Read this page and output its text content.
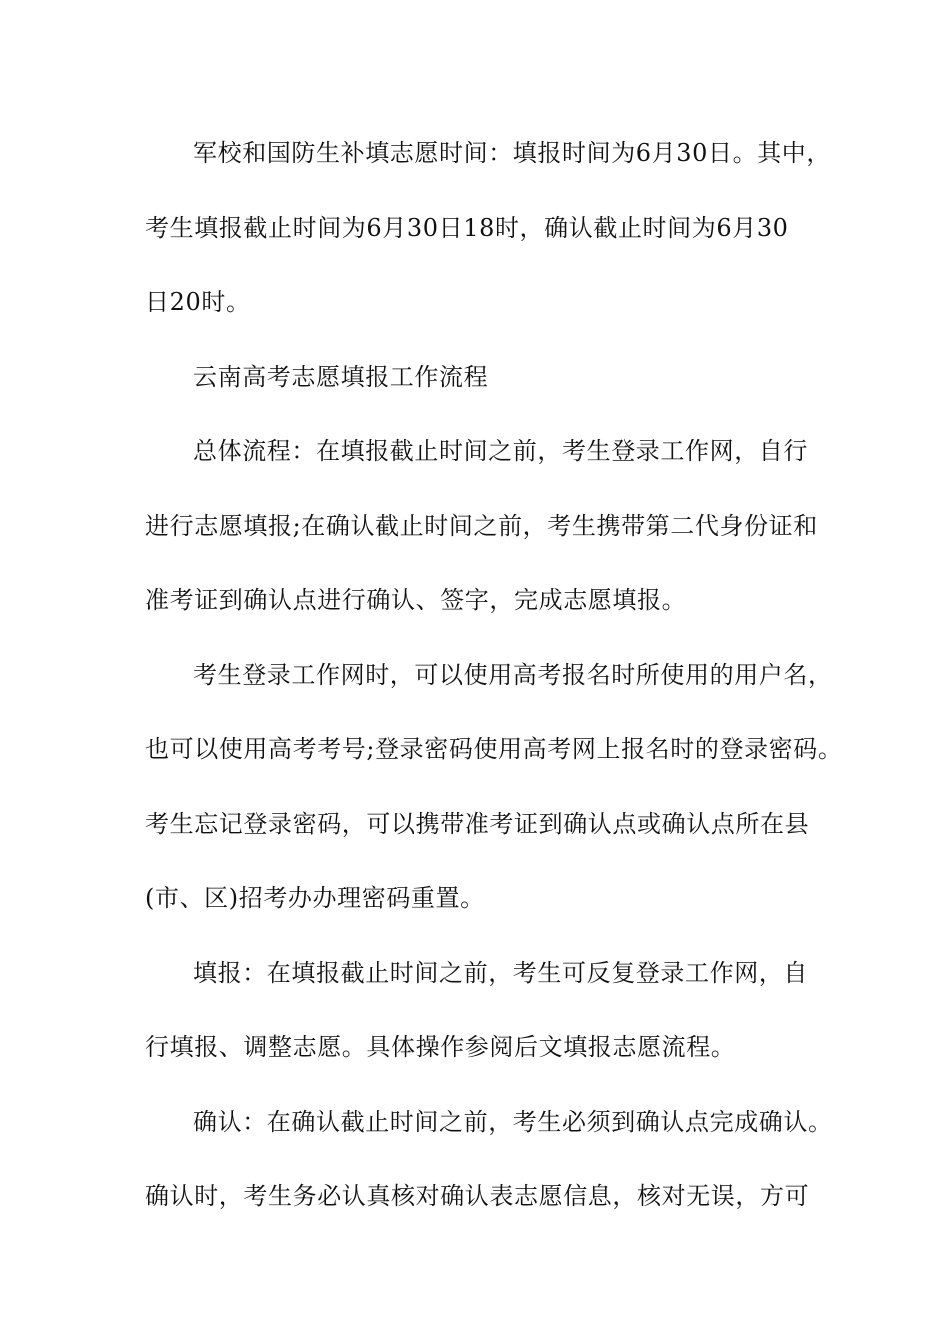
军校和国防生补填志愿时间：填报时间为6月30日。其中，
考生填报截止时间为6月30日18时，确认截止时间为6月30
日20时。
云南高考志愿填报工作流程
总体流程：在填报截止时间之前，考生登录工作网，自行
进行志愿填报;在确认截止时间之前，考生携带第二代身份证和
准考证到确认点进行确认、签字，完成志愿填报。
考生登录工作网时，可以使用高考报名时所使用的用户名，
也可以使用高考考号;登录密码使用高考网上报名时的登录密码。
考生忘记登录密码，可以携带准考证到确认点或确认点所在县
(市、区)招考办办理密码重置。
填报：在填报截止时间之前，考生可反复登录工作网，自
行填报、调整志愿。具体操作参阅后文填报志愿流程。
确认：在确认截止时间之前，考生必须到确认点完成确认。
确认时，考生务必认真核对确认表志愿信息，核对无误，方可
